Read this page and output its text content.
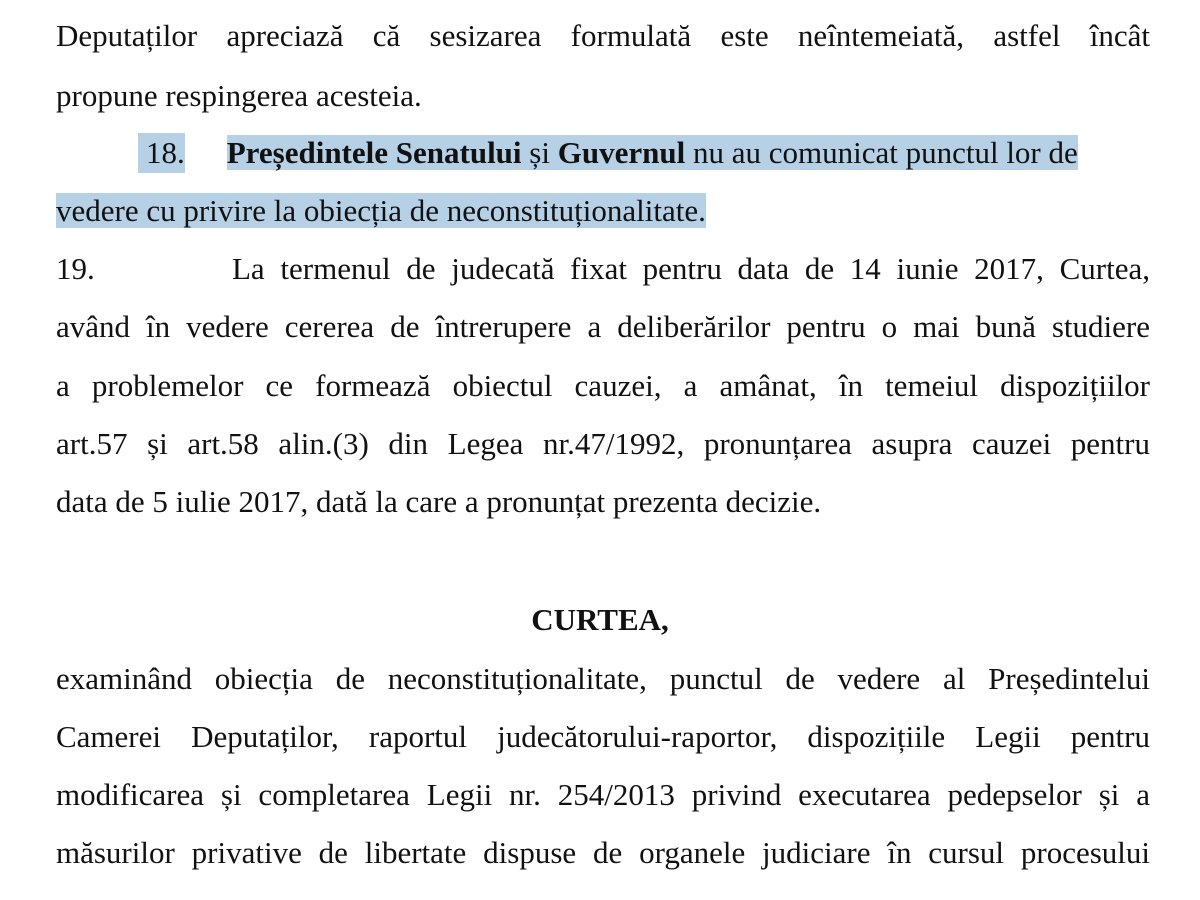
Deputaților apreciază că sesizarea formulată este neîntemeiată, astfel încât
propune respingerea acesteia.
18. Președintele Senatului și Guvernul nu au comunicat punctul lor de
vedere cu privire la obiecția de neconstituționalitate.
19.	La termenul de judecată fixat pentru data de 14 iunie 2017, Curtea,
având în vedere cererea de întrerupere a deliberărilor pentru o mai bună studiere
a problemelor ce formează obiectul cauzei, a amânat, în temeiul dispozițiilor
art.57 și art.58 alin.(3) din Legea nr.47/1992, pronunțarea asupra cauzei pentru
data de 5 iulie 2017, dată la care a pronunțat prezenta decizie.
CURTEA,
examinând obiecția de neconstituționalitate, punctul de vedere al Președintelui
Camerei Deputaților, raportul judecătorului-raportor, dispozițiile Legii pentru
modificarea și completarea Legii nr. 254/2013 privind executarea pedepselor și a
măsurilor privative de libertate dispuse de organele judiciare în cursul procesului
